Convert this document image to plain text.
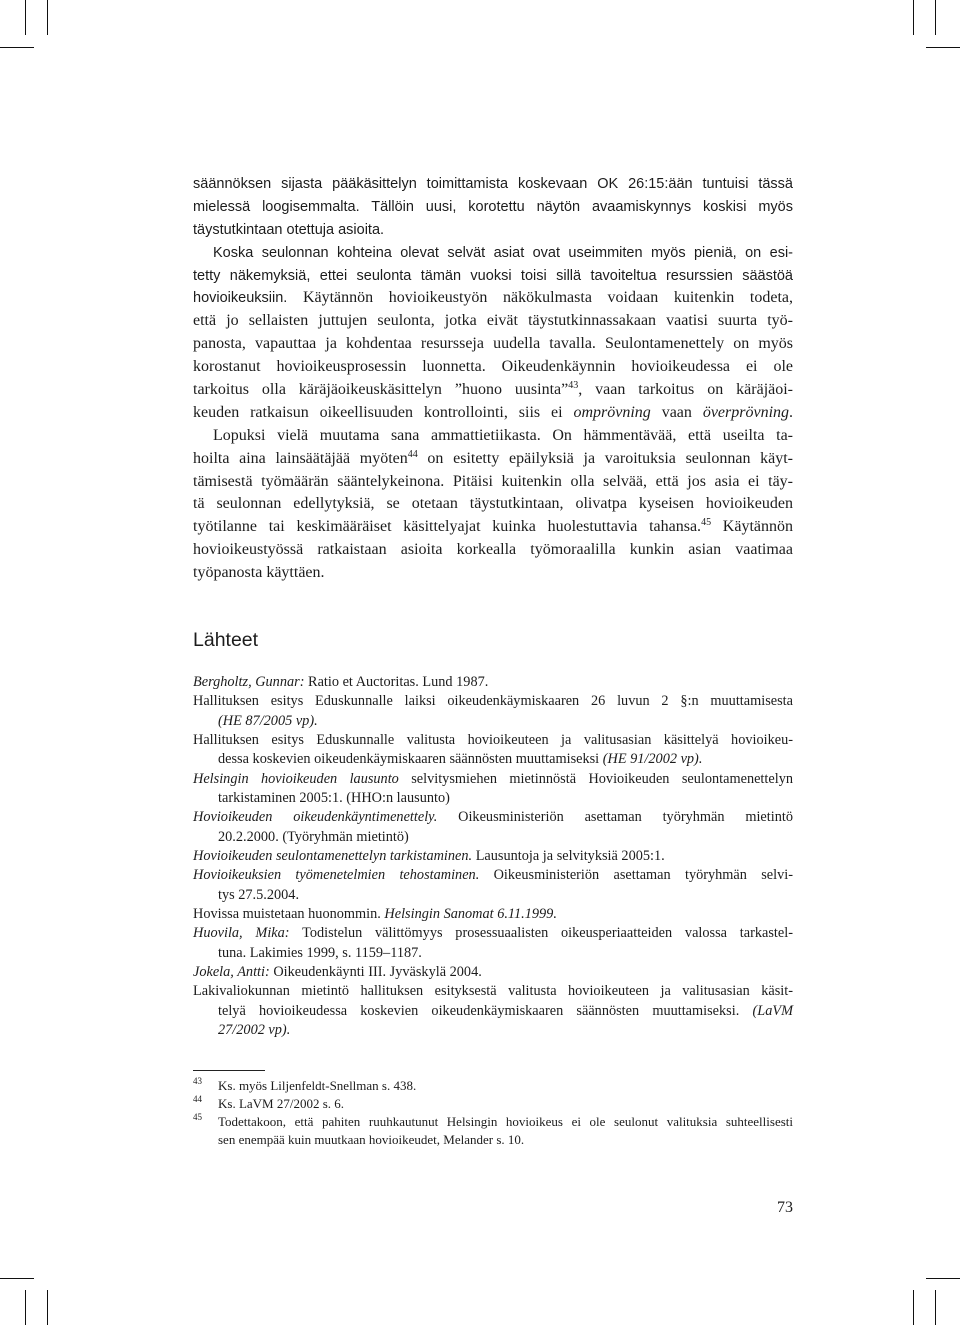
säännöksen sijasta pääkäsittelyn toimittamista koskevaan OK 26:15:ään tuntuisi tässä
mielessä loogisemmalta. Tällöin uusi, korotettu näytön avaamiskynnys koskisi myös
täystutkintaan otettuja asioita.
Koska seulonnan kohteina olevat selvät asiat ovat useimmiten myös pieniä, on esi-
tetty näkemyksiä, ettei seulonta tämän vuoksi toisi sillä tavoiteltua resurssien säästöä
hovioikeuksiin. Käytännön hovioikeustyön näkökulmasta voidaan kuitenkin todeta,
että jo sellaisten juttujen seulonta, jotka eivät täystutkinnassakaan vaatisi suurta työ-
panosta, vapauttaa ja kohdentaa resursseja uudella tavalla. Seulontamenettely on myös
korostanut hovioikeusprosessin luonnetta. Oikeudenkäynnin hovioikeudessa ei ole
tarkoitus olla käräjäoikeuskäsittelyn ”huono uusinta”$^{43}$, vaan tarkoitus on käräjäoi-
keuden ratkaisun oikeellisuuden kontrollointi, siis ei omprövning vaan överprövning.
Lopuksi vielä muutama sana ammattietiikasta. On hämmentävää, että useilta ta-
hoilta aina lainsäätäjää myöten$^{44}$ on esitetty epäilyksiä ja varoituksia seulonnan käyt-
tämisestä työmäärän sääntelykeinona. Pitäisi kuitenkin olla selvää, että jos asia ei täy-
tä seulonnan edellytyksiä, se otetaan täystutkintaan, olivatpa kyseisen hovioikeuden
työtilanne tai keskimääräiset käsittelyajat kuinka huolestuttavia tahansa.$^{45}$ Käytännön
hovioikeustyössä ratkaistaan asioita korkealla työmoraalilla kunkin asian vaatimaa
työpanosta käyttäen.
Lähteet
Bergholtz, Gunnar: Ratio et Auctoritas. Lund 1987.
Hallituksen esitys Eduskunnalle laiksi oikeudenkäymiskaaren 26 luvun 2 §:n muuttamisesta
(HE 87/2005 vp).
Hallituksen esitys Eduskunnalle valitusta hovioikeuteen ja valitusasian käsittelyä hovioikeu-
dessa koskevien oikeudenkäymiskaaren säännösten muuttamiseksi (HE 91/2002 vp).
Helsingin hovioikeuden lausunto selvitysmiehen mietinnöstä Hovioikeuden seulontamenettelyn
tarkistaminen 2005:1. (HHO:n lausunto)
Hovioikeuden oikeudenkäyntimenettely. Oikeusministeriön asettaman työryhmän mietintö
20.2.2000. (Työryhmän mietintö)
Hovioikeuden seulontamenettelyn tarkistaminen. Lausuntoja ja selvityksiä 2005:1.
Hovioikeuksien työmenetelmien tehostaminen. Oikeusministeriön asettaman työryhmän selvi-
tys 27.5.2004.
Hovissa muistetaan huonommin. Helsingin Sanomat 6.11.1999.
Huovila, Mika: Todistelun välittömyys prosessuaalisten oikeusperiaatteiden valossa tarkastel-
tuna. Lakimies 1999, s. 1159–1187.
Jokela, Antti: Oikeudenkäynti III. Jyväskylä 2004.
Lakivaliokunnan mietintö hallituksen esityksestä valitusta hovioikeuteen ja valitusasian käsit-
telyä hovioikeudessa koskevien oikeudenkäymiskaaren säännösten muuttamiseksi. (LaVM
27/2002 vp).
43 Ks. myös Liljenfeldt-Snellman s. 438.
44 Ks. LaVM 27/2002 s. 6.
45 Todettakoon, että pahiten ruuhkautunut Helsingin hovioikeus ei ole seulonut valituksia suhteellisesti
sen enempää kuin muutkaan hovioikeudet, Melander s. 10.
73
